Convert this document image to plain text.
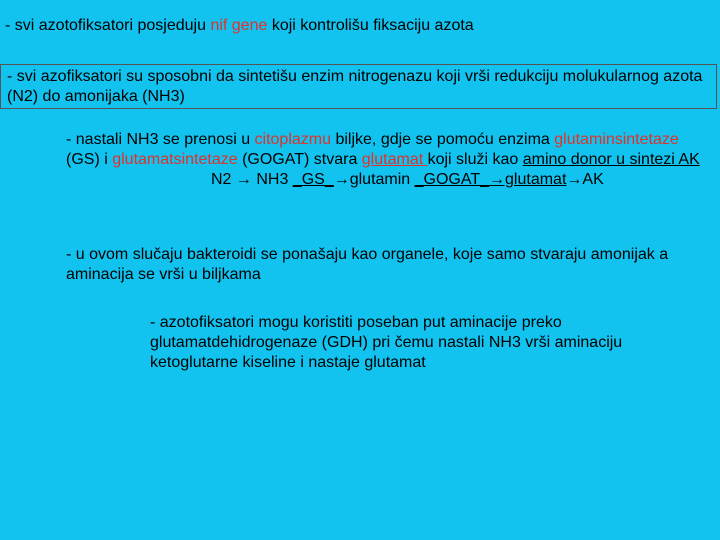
- svi azotofiksatori posjeduju nif gene koji kontrolišu fiksaciju azota
- svi azofiksatori su sposobni da sintetišu enzim nitrogenazu koji vrši redukciju molukularnog azota (N2) do amonijaka (NH3)
- nastali NH3 se prenosi u citoplazmu biljke, gdje se pomoću enzima glutaminsintetaze (GS) i glutamatsintetaze (GOGAT) stvara glutamat koji služi kao amino donor u sintezi AK
N2 → NH3 _GS_→glutamin _GOGAT_→glutamat→AK
- u ovom slučaju bakteroidi se ponašaju kao organele, koje samo stvaraju amonijak a aminacija se vrši u biljkama
- azotofiksatori mogu koristiti poseban put aminacije preko glutamatdehidrogenaze (GDH) pri čemu nastali NH3 vrši aminaciju ketoglutarne kiseline i nastaje glutamat
